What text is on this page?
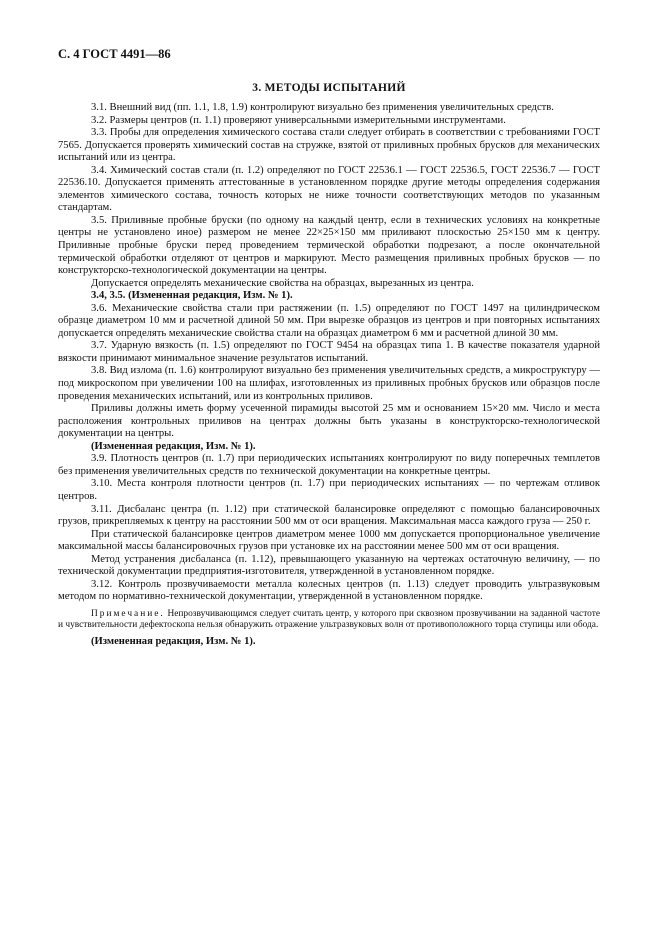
С. 4 ГОСТ 4491—86
3. МЕТОДЫ ИСПЫТАНИЙ

3.1. Внешний вид (пп. 1.1, 1.8, 1.9) контролируют визуально без применения увеличительных средств.

3.2. Размеры центров (п. 1.1) проверяют универсальными измерительными инструментами.

3.3. Пробы для определения химического состава стали следует отбирать в соответствии с требованиями ГОСТ 7565. Допускается проверять химический состав на стружке, взятой от приливных пробных брусков для механических испытаний или из центра.

3.4. Химический состав стали (п. 1.2) определяют по ГОСТ 22536.1 — ГОСТ 22536.5, ГОСТ 22536.7 — ГОСТ 22536.10. Допускается применять аттестованные в установленном порядке другие методы определения содержания элементов химического состава, точность которых не ниже точности соответствующих методов по указанным стандартам.

3.5. Приливные пробные бруски (по одному на каждый центр, если в технических условиях на конкретные центры не установлено иное) размером не менее 22×25×150 мм приливают плоскостью 25×150 мм к центру. Приливные пробные бруски перед проведением термической обработки подрезают, а после окончательной термической обработки отделяют от центров и маркируют. Место размещения приливных пробных брусков — по конструкторско-технологической документации на центры.

Допускается определять механические свойства на образцах, вырезанных из центра.

3.4, 3.5. (Измененная редакция, Изм. № 1).

3.6. Механические свойства стали при растяжении (п. 1.5) определяют по ГОСТ 1497 на цилиндрическом образце диаметром 10 мм и расчетной длиной 50 мм. При вырезке образцов из центров и при повторных испытаниях допускается определять механические свойства стали на образцах диаметром 6 мм и расчетной длиной 30 мм.

3.7. Ударную вязкость (п. 1.5) определяют по ГОСТ 9454 на образцах типа 1. В качестве показателя ударной вязкости принимают минимальное значение результатов испытаний.

3.8. Вид излома (п. 1.6) контролируют визуально без применения увеличительных средств, а микроструктуру — под микроскопом при увеличении 100 на шлифах, изготовленных из приливных пробных брусков или образцов после проведения механических испытаний, или из контрольных приливов.

Приливы должны иметь форму усеченной пирамиды высотой 25 мм и основанием 15×20 мм. Число и места расположения контрольных приливов на центрах должны быть указаны в конструкторско-технологической документации на центры.

(Измененная редакция, Изм. № 1).

3.9. Плотность центров (п. 1.7) при периодических испытаниях контролируют по виду поперечных темплетов без применения увеличительных средств по технической документации на конкретные центры.

3.10. Места контроля плотности центров (п. 1.7) при периодических испытаниях — по чертежам отливок центров.

3.11. Дисбаланс центра (п. 1.12) при статической балансировке определяют с помощью балансировочных грузов, прикрепляемых к центру на расстоянии 500 мм от оси вращения. Максимальная масса каждого груза — 250 г.

При статической балансировке центров диаметром менее 1000 мм допускается пропорциональное увеличение максимальной массы балансировочных грузов при установке их на расстоянии менее 500 мм от оси вращения.

Метод устранения дисбаланса (п. 1.12), превышающего указанную на чертежах остаточную величину, — по технической документации предприятия-изготовителя, утвержденной в установленном порядке.

3.12. Контроль прозвучиваемости металла колесных центров (п. 1.13) следует проводить ультразвуковым методом по нормативно-технической документации, утвержденной в установленном порядке.

Примечание. Непрозвучивающимся следует считать центр, у которого при сквозном прозвучивании на заданной частоте и чувствительности дефектоскопа нельзя обнаружить отражение ультразвуковых волн от противоположного торца ступицы или обода.

(Измененная редакция, Изм. № 1).
